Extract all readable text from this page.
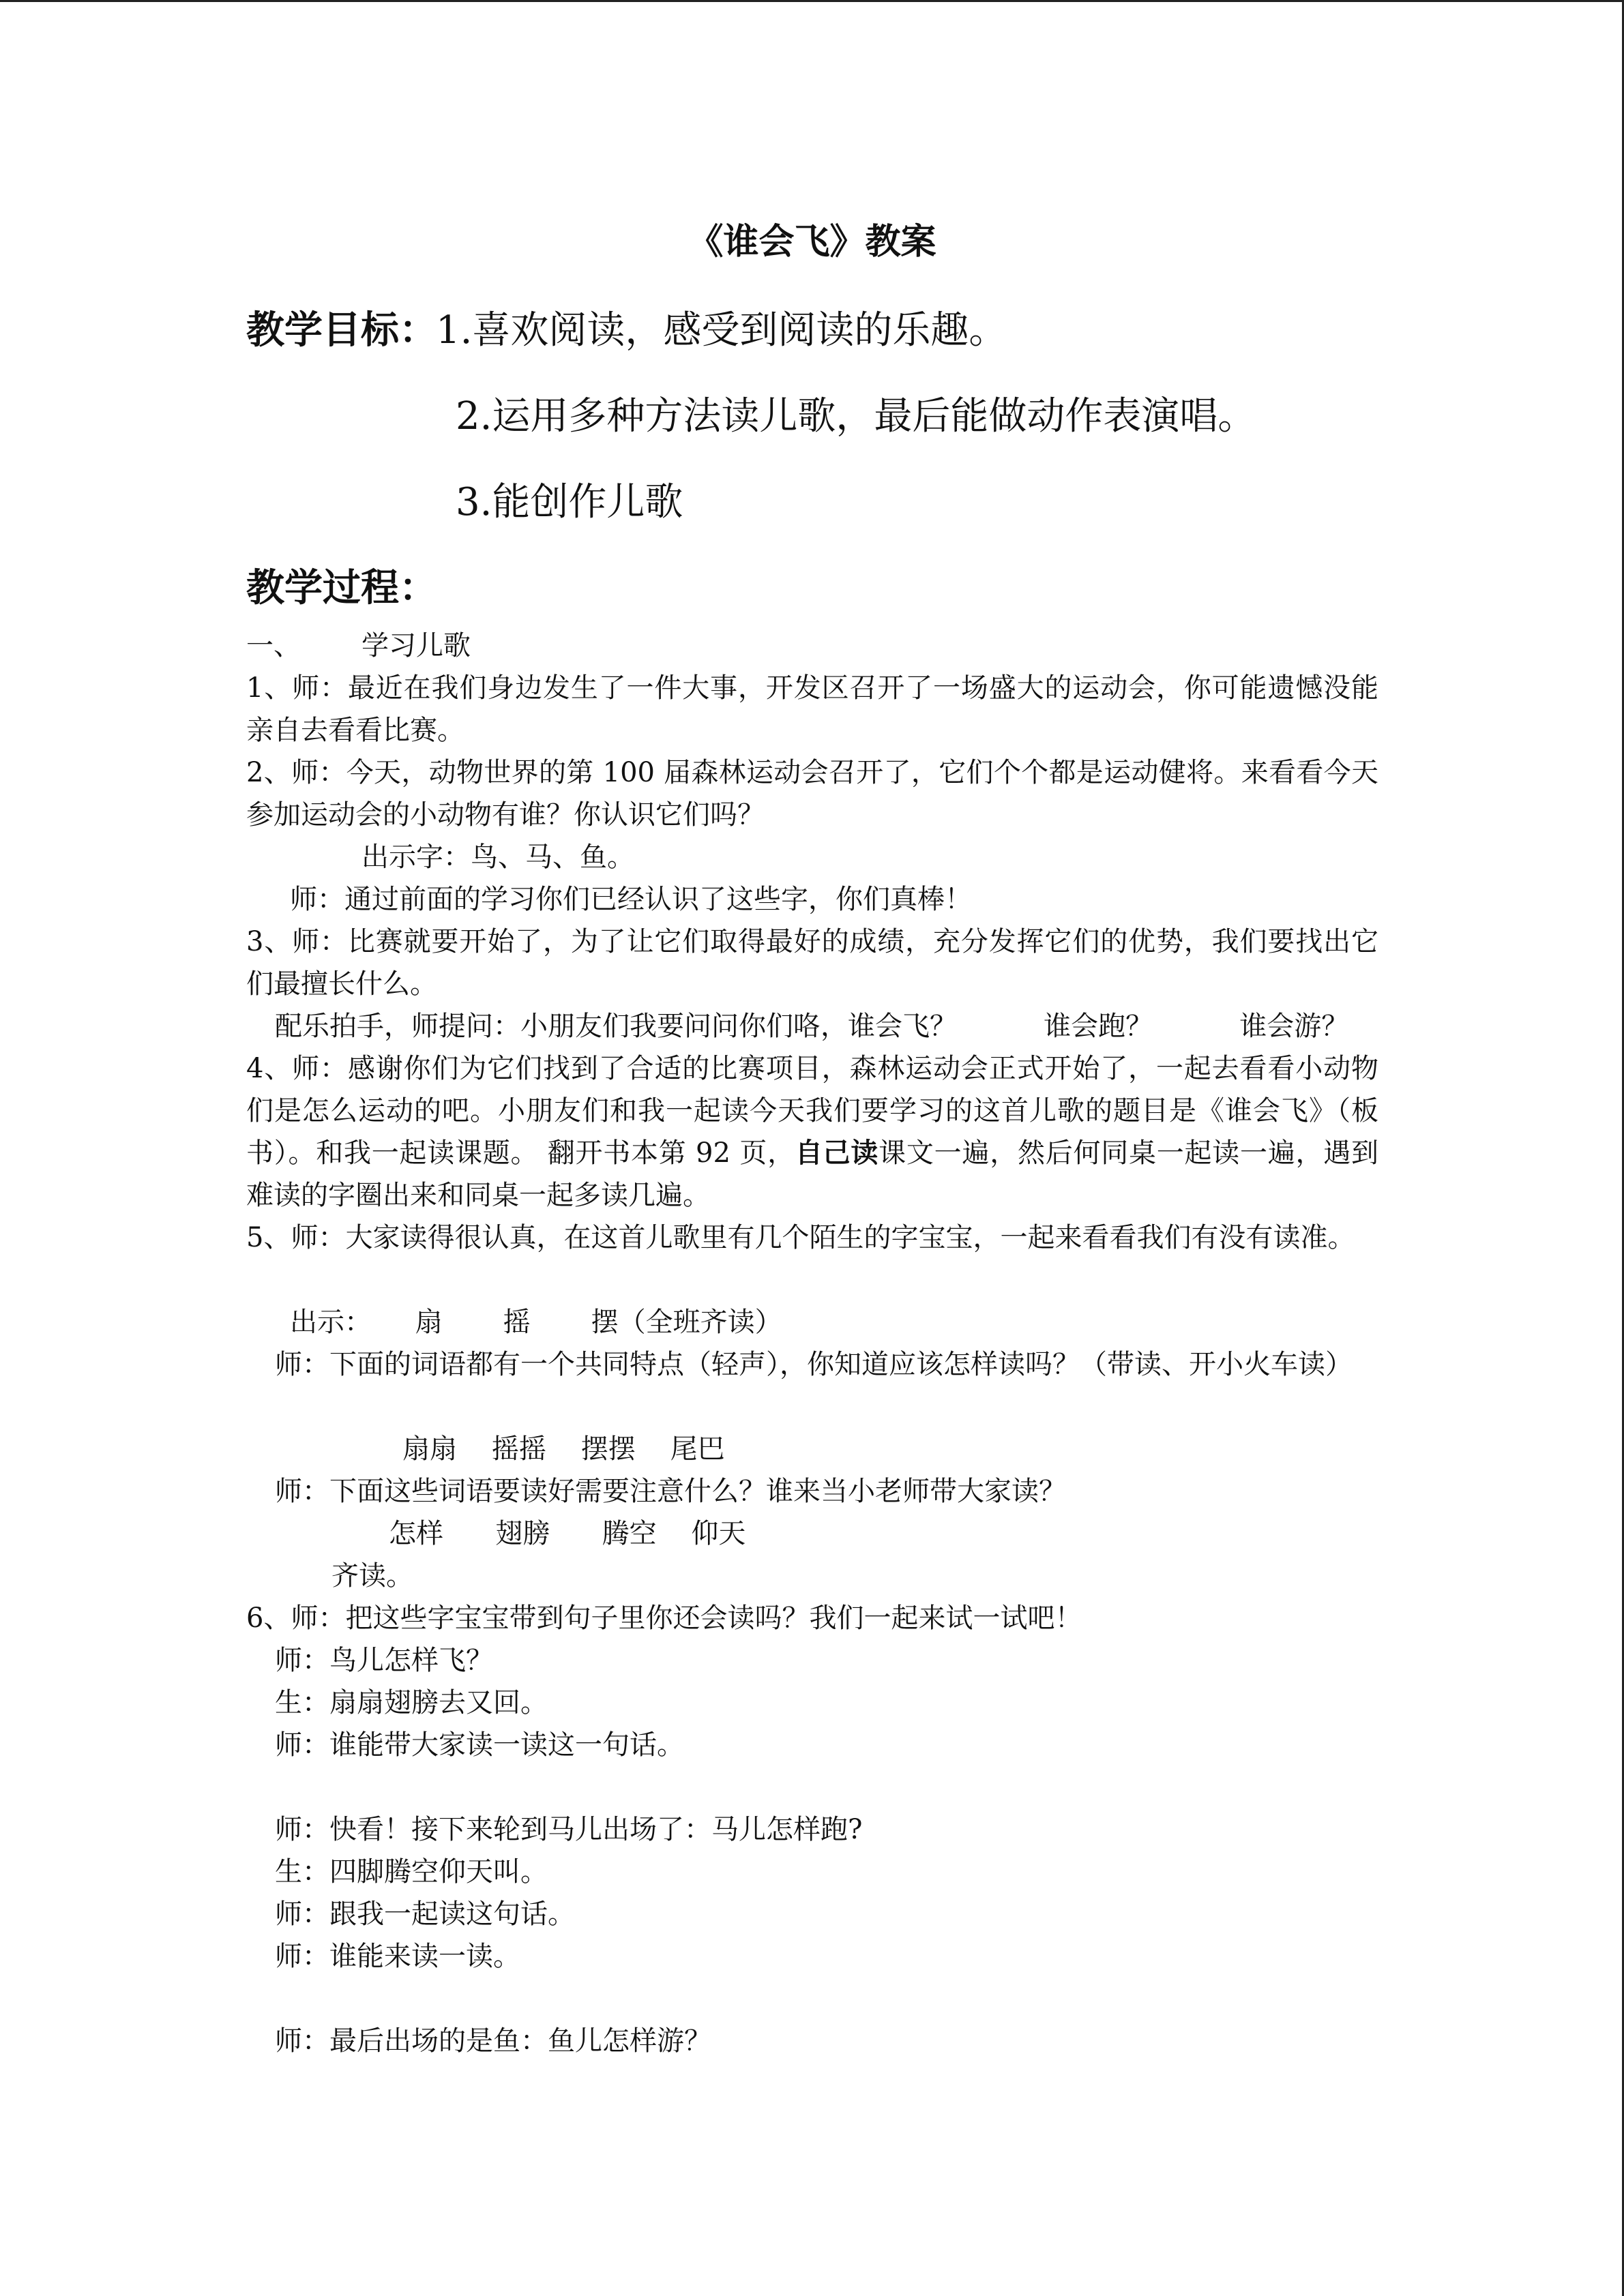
《谁会飞》教案
教学目标：
1.喜欢阅读，感受到阅读的乐趣。
2.运用多种方法读儿歌，最后能做动作表演唱。
3.能创作儿歌
教学过程：
一、 学习儿歌
1、师：最近在我们身边发生了一件大事，开发区召开了一场盛大的运动会，你可能遗憾没能亲自去看看比赛。
2、师：今天，动物世界的第 100 届森林运动会召开了，它们个个都是运动健将。来看看今天参加运动会的小动物有谁？你认识它们吗？
出示字：鸟、马、鱼。
师：通过前面的学习你们已经认识了这些字，你们真棒！
3、师：比赛就要开始了，为了让它们取得最好的成绩，充分发挥它们的优势，我们要找出它们最擅长什么。
配乐拍手，师提问：小朋友们我要问问你们咯，谁会飞？          谁会跑？          谁会游？
4、师：感谢你们为它们找到了合适的比赛项目，森林运动会正式开始了，一起去看看小动物们是怎么运动的吧。小朋友们和我一起读今天我们要学习的这首儿歌的题目是《谁会飞》（板书）。和我一起读课题。 翻开书本第 92 页，自己读课文一遍，然后何同桌一起读一遍，遇到难读的字圈出来和同桌一起多读几遍。
5、师：大家读得很认真，在这首儿歌里有几个陌生的字宝宝，一起来看看我们有没有读准。
出示：     扇       摇       摆（全班齐读）
师：下面的词语都有一个共同特点（轻声），你知道应该怎样读吗？（带读、开小火车读）
扇扇    摇摇    摆摆    尾巴
师：下面这些词语要读好需要注意什么？谁来当小老师带大家读？
怎样      翅膀      腾空    仰天
齐读。
6、师：把这些字宝宝带到句子里你还会读吗？我们一起来试一试吧！
师：鸟儿怎样飞？
生：扇扇翅膀去又回。
师：谁能带大家读一读这一句话。
师：快看！接下来轮到马儿出场了：马儿怎样跑?
生：四脚腾空仰天叫。
师：跟我一起读这句话。
师：谁能来读一读。
师：最后出场的是鱼：鱼儿怎样游？
